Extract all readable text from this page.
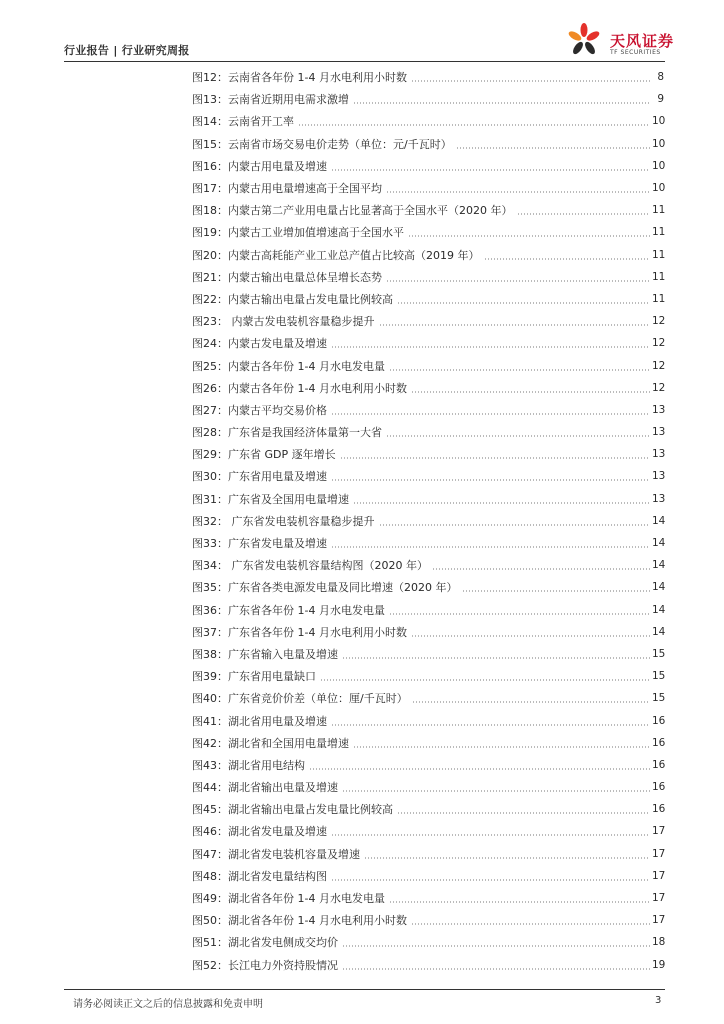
行业报告 | 行业研究周报
天风证券
TF SECURITIES
图12：云南省各年份 1-4 月水电利用小时数	8
图13：云南省近期用电需求激增	9
图14：云南省开工率	10
图15：云南省市场交易电价走势（单位：元/千瓦时）	10
图16：内蒙古用电量及增速	10
图17：内蒙古用电量增速高于全国平均	10
图18：内蒙古第二产业用电量占比显著高于全国水平（2020 年）	11
图19：内蒙古工业增加值增速高于全国水平	11
图20：内蒙古高耗能产业工业总产值占比较高（2019 年）	11
图21：内蒙古输出电量总体呈增长态势	11
图22：内蒙古输出电量占发电量比例较高	11
图23： 内蒙古发电装机容量稳步提升	12
图24：内蒙古发电量及增速	12
图25：内蒙古各年份 1-4 月水电发电量	12
图26：内蒙古各年份 1-4 月水电利用小时数	12
图27：内蒙古平均交易价格	13
图28：广东省是我国经济体量第一大省	13
图29：广东省 GDP 逐年增长	13
图30：广东省用电量及增速	13
图31：广东省及全国用电量增速	13
图32： 广东省发电装机容量稳步提升	14
图33：广东省发电量及增速	14
图34： 广东省发电装机容量结构图（2020 年）	14
图35：广东省各类电源发电量及同比增速（2020 年）	14
图36：广东省各年份 1-4 月水电发电量	14
图37：广东省各年份 1-4 月水电利用小时数	14
图38：广东省输入电量及增速	15
图39：广东省用电量缺口	15
图40：广东省竞价价差（单位：厘/千瓦时）	15
图41：湖北省用电量及增速	16
图42：湖北省和全国用电量增速	16
图43：湖北省用电结构	16
图44：湖北省输出电量及增速	16
图45：湖北省输出电量占发电量比例较高	16
图46：湖北省发电量及增速	17
图47：湖北省发电装机容量及增速	17
图48：湖北省发电量结构图	17
图49：湖北省各年份 1-4 月水电发电量	17
图50：湖北省各年份 1-4 月水电利用小时数	17
图51：湖北省发电侧成交均价	18
图52：长江电力外资持股情况	19
请务必阅读正文之后的信息披露和免责申明	3
